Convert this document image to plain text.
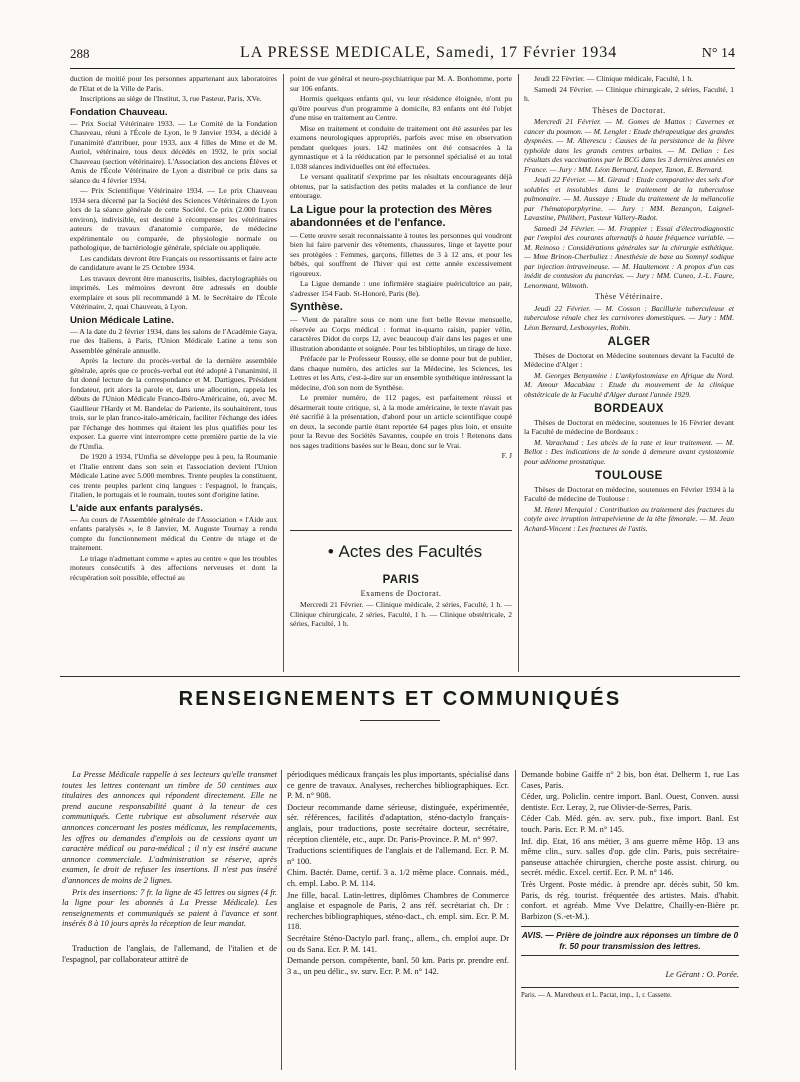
288	LA PRESSE MEDICALE, Samedi, 17 Février 1934	N° 14

duction de moitié pour les personnes appartenant aux laboratoires de l'Etat et de la Ville de Paris.

Inscriptions au siège de l'Institut, 3, rue Pasteur, Paris, XVe.

Fondation Chauveau.

— Prix Social Vétérinaire 1933. — Le Comité de la Fondation Chauveau, réuni à l'École de Lyon, le 9 Janvier 1934, a décidé à l'unanimité d'attribuer, pour 1933, aux 4 filles de Mme et de M. Auriol, vétérinaire, tous deux décédés en 1932, le prix social Chauveau (section vétérinaire). L'Association des anciens Élèves et Amis de l'École Vétérinaire de Lyon a distribué ce prix dans sa séance du 4 février 1934.

— Prix Scientifique Vétérinaire 1934. — Le prix Chauveau 1934 sera décerné par la Société des Sciences Vétérinaires de Lyon lors de la séance générale de cette Société. Ce prix (2.000 francs environ), indivisible, est destiné à récompenser les vétérinaires auteurs de travaux d'anatomie comparée, de médecine expérimentale ou comparée, de physiologie normale ou pathologique, de bactériologie générale, spéciale ou appliquée.

Les candidats devront être Français ou ressortissants et faire acte de candidature avant le 25 Octobre 1934.

Les travaux devront être manuscrits, lisibles, dactylographiés ou imprimés. Les mémoires devront être adressés en double exemplaire et sous pli recommandé à M. le Secrétaire de l'École Vétérinaire, 2, quai Chauveau, à Lyon.

Union Médicale Latine.

— A la date du 2 février 1934, dans les salons de l'Académie Gaya, rue des Italiens, à Paris, l'Union Médicale Latine a tenu son Assemblée générale annuelle.

Après la lecture du procès-verbal de la dernière assemblée générale, après que ce procès-verbal eut été adopté à l'unanimité, il fut donné lecture de la correspondance et M. Dartigues, Président fondateur, prit alors la parole et, dans une allocution, rappela les débuts de l'Union Médicale Franco-Ibéro-Américaine, où, avec M. Gaullieur l'Hardy et M. Bandelac de Pariente, ils souhaitèrent, tous trois, sur le plan franco-italo-américain, faciliter l'échange des idées par l'échange des hommes qui étaient les plus qualifiés pour les exposer. La guerre vint interrompre cette première partie de la vie de l'Umfia.

De 1920 à 1934, l'Umfia se développe peu à peu, la Roumanie et l'Italie entrent dans son sein et l'association devient l'Union Médicale Latine avec 5.000 membres. Trente peuples la constituent, ces trente peuples parlent cinq langues : l'espagnol, le français, l'italien, le portugais et le roumain, toutes sont d'origine latine.

L'aide aux enfants paralysés.

— Au cours de l'Assemblée générale de l'Association « l'Aide aux enfants paralysés », le 8 Janvier, M. Auguste Tournay a rendu compte du fonctionnement médical du Centre de triage et de traitement.

Le triage n'admettant comme « aptes au centre » que les troubles moteurs consécutifs à des affections nerveuses et dont la récupération soit possible, effectué au

point de vue général et neuro-psychiatrique par M. A. Bonhomme, porte sur 106 enfants.

Hormis quelques enfants qui, vu leur résidence éloignée, n'ont pu qu'être pourvus d'un programme à domicile, 83 enfants ont été l'objet d'une mise en traitement au Centre.

Mise en traitement et conduite de traitement ont été assurées par les examens neurologiques appropriés, parfois avec mise en observation pendant quelques jours. 142 matinées ont été consacrées à la gymnastique et à la rééducation par le personnel spécialisé et au total 1.038 séances individuelles ont été effectuées.

Le versant qualitatif s'exprime par les résultats encourageants déjà obtenus, par la satisfaction des petits malades et la confiance de leur entourage.

La Ligue pour la protection des Mères abandonnées et de l'enfance.

— Cette œuvre serait reconnaissante à toutes les personnes qui voudront bien lui faire parvenir des vêtements, chaussures, linge et layette pour ses protégées : Femmes, garçons, fillettes de 3 à 12 ans, et pour les bébés, qui souffrent de l'hiver qui est cette année excessivement rigoureux.

La Ligue demande : une infirmière stagiaire puéricultrice au pair, s'adresser 154 Faub. St-Honoré, Paris (8e).

Synthèse.

— Vient de paraître sous ce nom une fort belle Revue mensuelle, réservée au Corps médical : format in-quarto raisin, papier vélin, caractères Didot du corps 12, avec beaucoup d'air dans les pages et une illustration abondante et soignée. Pour les bibliophiles, un tirage de luxe.

Préfacée par le Professeur Roussy, elle se donne pour but de publier, dans chaque numéro, des articles sur la Médecine, les Sciences, les Lettres et les Arts, c'est-à-dire sur un ensemble synthétique intéressant la médecine, d'où son nom de Synthèse.

Le premier numéro, de 112 pages, est parfaitement réussi et désarmerait toute critique, si, à la mode américaine, le texte n'avait pas été sacrifié à la présentation, d'abord pour un article scientifique coupé en deux, la seconde partie étant reportée 64 pages plus loin, et ensuite pour la Revue des Sociétés Savantes, coupée en trois ! Retenons dans nos sages traditions basées sur le Beau, donc sur le Vrai.

F. J
• Actes des Facultés
PARIS
Examens de Doctorat.

Mercredi 21 Février. — Clinique médicale, 2 séries, Faculté, 1 h. — Clinique chirurgicale, 2 séries, Faculté, 1 h. — Clinique obstétricale, 2 séries, Faculté, 1 h.

Jeudi 22 Février. — Clinique médicale, Faculté, 1 h.

Samedi 24 Février. — Clinique chirurgicale, 2 séries, Faculté, 1 h.

Thèses de Doctorat.

Mercredi 21 Février. — M. Gomes de Mattos : Cavernes et cancer du poumon. — M. Lenglet : Etude thérapeutique des grandes dyspnées. — M. Alterescu : Causes de la persistance de la fièvre typhoïde dans les grands centres urbains. — M. Delian : Les résultats des vaccinations par le BCG dans les 3 dernières années en France. — Jury : MM. Léon Bernard, Loeper, Tanon, E. Bernard.

Jeudi 22 Février. — M. Giraud : Etude comparative des sels d'or solubles et insolubles dans le traitement de la tuberculose pulmonaire. — M. Aussaye : Etude du traitement de la mélancolie par l'hématoporphyrine. — Jury : MM. Bezançon, Laignel-Lavastine, Philibert, Pasteur Vallery-Radot.

Samedi 24 Février. — M. Frappier : Essai d'électrodiagnostic par l'emploi des courants alternatifs à haute fréquence variable. — M. Reinoso : Considérations générales sur la chirurgie esthétique. — Mme Brinon-Cherbuliez : Anesthésie de base au Somnyl sodique par injection intraveineuse. — M. Haultemont : A propos d'un cas inédit de contusion du pancréas. — Jury : MM. Cuneo, J.-L. Faure, Lenormant, Wilmoth.

Thèse Vétérinaire.

Jeudi 22 Février. — M. Cosson : Bacillurie tuberculeuse et tuberculose rénale chez les carnivores domestiques. — Jury : MM. Léon Bernard, Lesbouyries, Robin.

ALGER

Thèses de Doctorat en Médecine soutenues devant la Faculté de Médecine d'Alger :

M. Georges Benyamine : L'ankylostomiase en Afrique du Nord. M. Amour Macabiau : Etude du mouvement de la clinique obstétricale de la Faculté d'Alger durant l'année 1929.

BORDEAUX

Thèses de Doctorat en médecine, soutenues le 16 Février devant la Faculté de médecine de Bordeaux :

M. Varachaud : Les abcès de la rate et leur traitement. — M. Bellot : Des indications de la sonde à demeure avant cystostomie pour adénome prostatique.

TOULOUSE

Thèses de Doctorat en médecine, soutenues en Février 1934 à la Faculté de médecine de Toulouse :

M. Henri Merquiol : Contribution au traitement des fractures du cotyle avec irruption intrapelvienne de la tête fémorale. — M. Jean Achard-Vincent : Les fractures de l'astis.

RENSEIGNEMENTS ET COMMUNIQUÉS

La Presse Médicale rappelle à ses lecteurs qu'elle transmet toutes les lettres contenant un timbre de 50 centimes aux titulaires des annonces qui répondent directement. Elle ne prend aucune responsabilité quant à la teneur de ces communiqués. Cette rubrique est absolument réservée aux annonces concernant les postes médicaux, les remplacements, les offres ou demandes d'emplois ou de cessions ayant un caractère médical ou para-médical ; il n'y est inséré aucune annonce commerciale. L'administration se réserve, après examen, le droit de refuser les insertions. Il n'est pas inséré d'annonces de moins de 2 lignes.

Prix des insertions: 7 fr. la ligne de 45 lettres ou signes (4 fr. la ligne pour les abonnés à La Presse Médicale). Les renseignements et communiqués se paient à l'avance et sont insérés 8 à 10 jours après la réception de leur mandat.

Traduction de l'anglais, de l'allemand, de l'italien et de l'espagnol, par collaborateur attitré de

périodiques médicaux français les plus importants, spécialisé dans ce genre de travaux. Analyses, recherches bibliographiques. Ecr. P. M. n° 908.

Docteur recommande dame sérieuse, distinguée, expérimentée, sér. références, facilités d'adaptation, sténo-dactylo français-anglais, pour traductions, poste secrétaire docteur, secrétaire, réception clientèle, etc., aupr. Dr. Paris-Province. P. M. n° 997.

Traductions scientifiques de l'anglais et de l'allemand. Ecr. P. M. n° 100.

Chim. Bactér. Dame, certif. 3 a. 1/2 même place. Connais. méd., ch. empl. Labo. P. M. 114.

Jne fille, bacal. Latin-lettres, diplômes Chambres de Commerce anglaise et espagnole de Paris, 2 ans réf. secrétariat ch. Dr : recherches bibliographiques, sténo-dact., ch. empl. sim. Ecr. P. M. 118.

Secrétaire Sténo-Dactylo parl. franç., allem., ch. emploi aupr. Dr ou ds Sana. Ecr. P. M. 141.

Demande person. compétente, banl. 50 km. Paris pr. prendre enf. 3 a., un peu délic., sv. surv. Ecr. P. M. n° 142.

Demande bobine Gaiffe n° 2 bis, bon état. Delherm 1, rue Las Cases, Paris.

Céder, urg. Policlin. centre import. Banl. Ouest, Conven. aussi dentiste. Ecr. Leray, 2, rue Olivier-de-Serres, Paris.

Céder Cab. Méd. gén. av. serv. pub., fixe import. Banl. Est touch. Paris. Ecr. P. M. n° 145.

Inf. dip. Etat, 16 ans métier, 3 ans guerre même Hôp. 13 ans même clin., surv. salles d'op. gde clin. Paris, puis secrétaire-panseuse attachée chirurgien, cherche poste assist. chirurg. ou secrét. médic. Excel. certif. Ecr. P. M. n° 146.

Très Urgent. Poste médic. à prendre apr. décès subit, 50 km. Paris, ds rég. tourist. fréquentée des artistes. Mais. d'habit. confort. et agréab. Mme Vve Delattre, Chailly-en-Bière pr. Barbizon (S.-et-M.).

AVIS. — Prière de joindre aux réponses un timbre de 0 fr. 50 pour transmission des lettres.
Le Gérant : O. Porée.
Paris. — A. Maretheux et L. Pactat, imp., 1, r. Cassette.
